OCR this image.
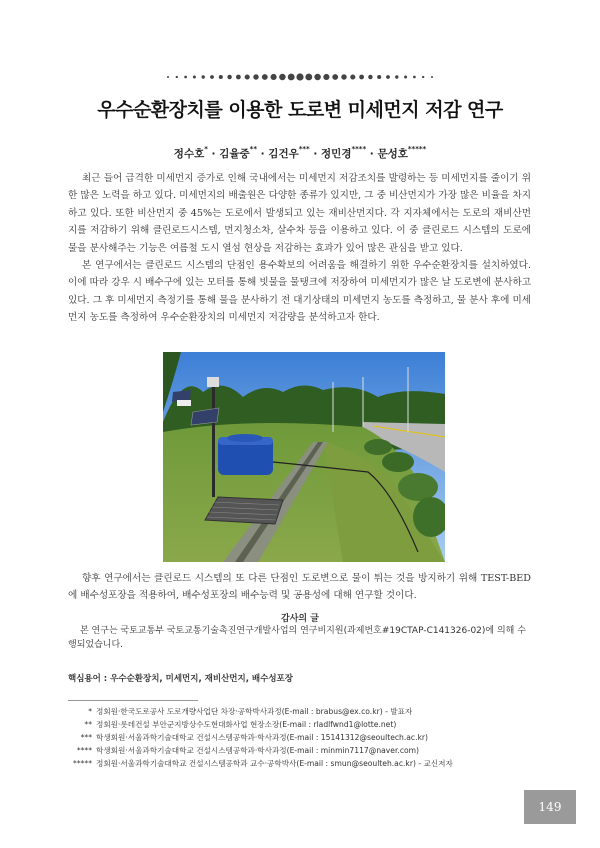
우수순환장치를 이용한 도로변 미세먼지 저감 연구
정수호* · 김율중** · 김건우*** · 정민경**** · 문성호*****

최근 들어 급격한 미세먼지 증가로 인해 국내에서는 미세먼지 저감조치를 발령하는 등 미세먼지를 줄이기 위한 많은 노력을 하고 있다. 미세먼지의 배출원은 다양한 종류가 있지만, 그 중 비산먼지가 가장 많은 비율을 차지하고 있다. 또한 비산먼지 중 45%는 도로에서 발생되고 있는 재비산먼지다. 각 지자체에서는 도로의 재비산먼지를 저감하기 위해 클린로드시스템, 먼지청소차, 살수차 등을 이용하고 있다. 이 중 클린로드 시스템의 도로에 물을 분사해주는 기능은 여름철 도시 열섬 현상을 저감하는 효과가 있어 많은 관심을 받고 있다.

본 연구에서는 클린로드 시스템의 단점인 용수확보의 어려움을 해결하기 위한 우수순환장치를 설치하였다. 이에 따라 강우 시 배수구에 있는 모터를 통해 빗물을 물탱크에 저장하여 미세먼지가 많은 날 도로변에 분사하고 있다. 그 후 미세먼지 측정기를 통해 물을 분사하기 전 대기상태의 미세먼지 농도를 측정하고, 물 분사 후에 미세먼지 농도를 측정하여 우수순환장치의 미세먼지 저감량을 분석하고자 한다.

향후 연구에서는 클린로드 시스템의 또 다른 단점인 도로변으로 물이 튀는 것을 방지하기 위해 TEST-BED에 배수성포장을 적용하여, 배수성포장의 배수능력 및 공용성에 대해 연구할 것이다.

감사의 글
본 연구는 국토교통부 국토교통기술촉진연구개발사업의 연구비지원(과제번호#19CTAP-C141326-02)에 의해 수행되었습니다.
핵심용어 : 우수순환장치, 미세먼지, 재비산먼지, 배수성포장
* 정회원·한국도로공사 도로개량사업단 차장·공학박사과정(E-mail : brabus@ex.co.kr) - 발표자
** 정회원·롯데건설 부안군지방상수도현대화사업 현장소장(E-mail : rladlfwnd1@lotte.net)
*** 학생회원·서울과학기술대학교 건설시스템공학과·학사과정(E-mail : 15141312@seoultech.ac.kr)
**** 학생회원·서울과학기술대학교 건설시스템공학과·학사과정(E-mail : minmin7117@naver.com)
***** 정회원·서울과학기술대학교 건설시스템공학과 교수·공학박사(E-mail : smun@seoulteh.ac.kr) - 교신저자
149
